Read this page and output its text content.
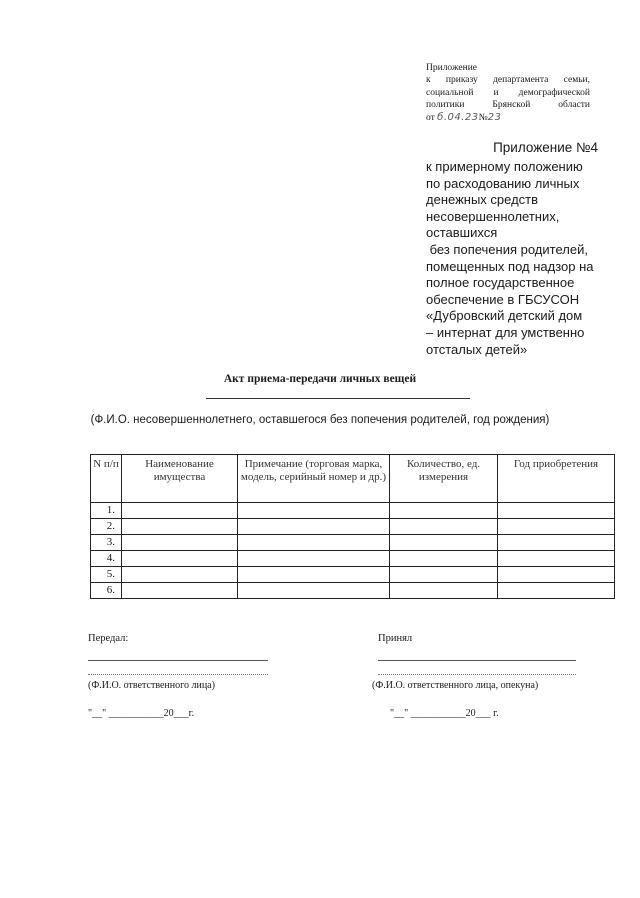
Приложение
к приказу департамента семьи,
социальной и демографической
политики Брянской области
от б.04.23№23
Приложение №4
к примерному положению
по расходованию личных
денежных средств
несовершеннолетних,
оставшихся
без попечения родителей,
помещенных под надзор на
полное государственное
обеспечение в ГБСУСОН
«Дубровский детский дом
– интернат для умственно
отсталых детей»
Акт приема-передачи личных вещей
(Ф.И.О. несовершеннолетнего, оставшегося без попечения родителей, год рождения)
N п/п	Наименование имущества	Примечание (торговая марка, модель, серийный номер и др.)	Количество, ед. измерения	Год приобретения
1.				
2.				
3.				
4.				
5.				
6.				
Передал:
(Ф.И.О. ответственного лица)
"__" ___________20___г.
Принял
(Ф.И.О. ответственного лица, опекуна)
"__" ___________20___ г.
